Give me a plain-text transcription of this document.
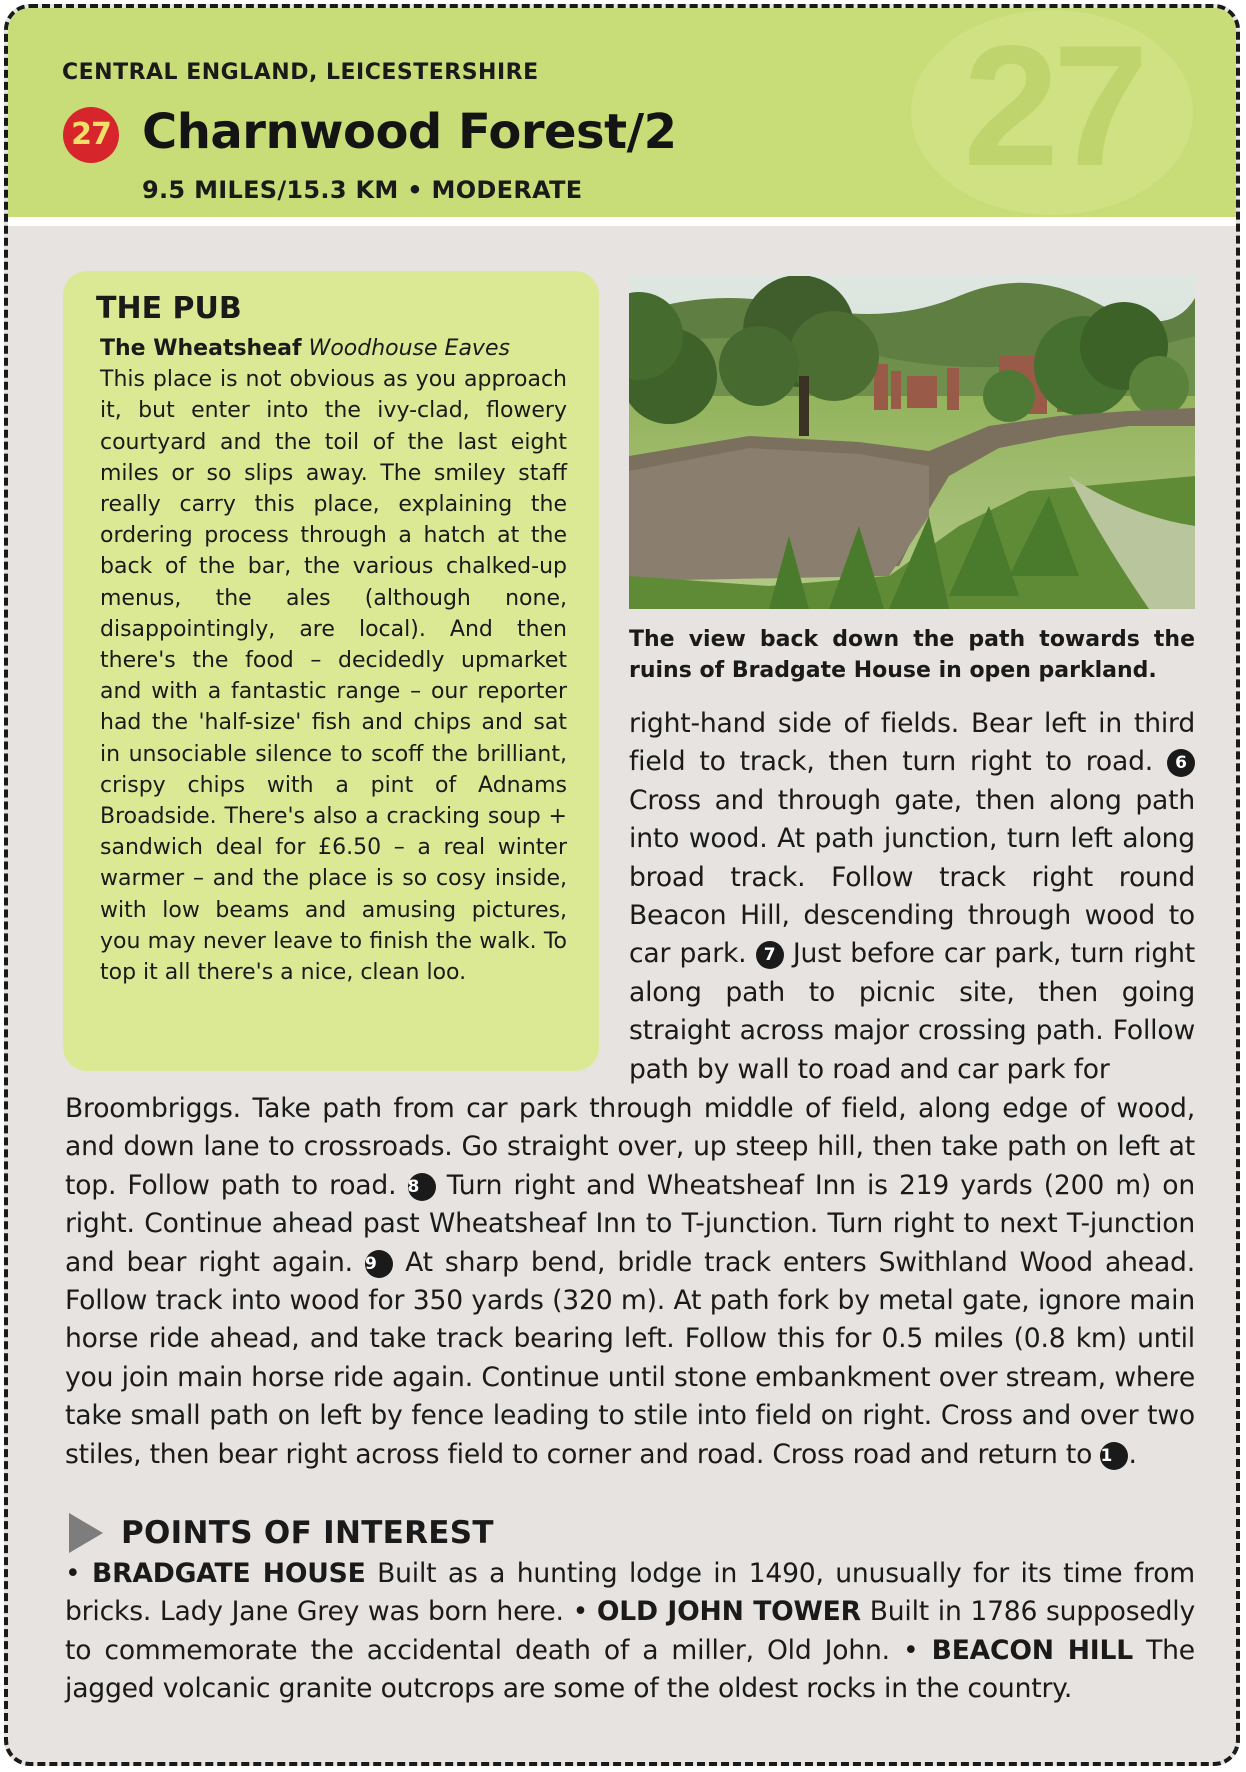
27
CENTRAL ENGLAND, LEICESTERSHIRE
27 Charnwood Forest/2
9.5 MILES/15.3 KM • MODERATE
THE PUB
The Wheatsheaf Woodhouse Eaves
This place is not obvious as you approach it, but enter into the ivy-clad, flowery courtyard and the toil of the last eight miles or so slips away. The smiley staff really carry this place, explaining the ordering process through a hatch at the back of the bar, the various chalked-up menus, the ales (although none, disappointingly, are local). And then there's the food – decidedly upmarket and with a fantastic range – our reporter had the 'half-size' fish and chips and sat in unsociable silence to scoff the brilliant, crispy chips with a pint of Adnams Broadside. There's also a cracking soup + sandwich deal for £6.50 – a real winter warmer – and the place is so cosy inside, with low beams and amusing pictures, you may never leave to finish the walk. To top it all there's a nice, clean loo.
The view back down the path towards the ruins of Bradgate House in open parkland.
right-hand side of fields. Bear left in third field to track, then turn right to road. 6 Cross and through gate, then along path into wood. At path junction, turn left along broad track. Follow track right round Beacon Hill, descending through wood to car park. 7 Just before car park, turn right along path to picnic site, then going straight across major crossing path. Follow path by wall to road and car park for
Broombriggs. Take path from car park through middle of field, along edge of wood, and down lane to crossroads. Go straight over, up steep hill, then take path on left at top. Follow path to road. 8 Turn right and Wheatsheaf Inn is 219 yards (200 m) on right. Continue ahead past Wheatsheaf Inn to T-junction. Turn right to next T-junction and bear right again. 9 At sharp bend, bridle track enters Swithland Wood ahead. Follow track into wood for 350 yards (320 m). At path fork by metal gate, ignore main horse ride ahead, and take track bearing left. Follow this for 0.5 miles (0.8 km) until you join main horse ride again. Continue until stone embankment over stream, where take small path on left by fence leading to stile into field on right. Cross and over two stiles, then bear right across field to corner and road. Cross road and return to 1 .
POINTS OF INTEREST
• BRADGATE HOUSE Built as a hunting lodge in 1490, unusually for its time from bricks. Lady Jane Grey was born here. • OLD JOHN TOWER Built in 1786 supposedly to commemorate the accidental death of a miller, Old John. • BEACON HILL The jagged volcanic granite outcrops are some of the oldest rocks in the country.
